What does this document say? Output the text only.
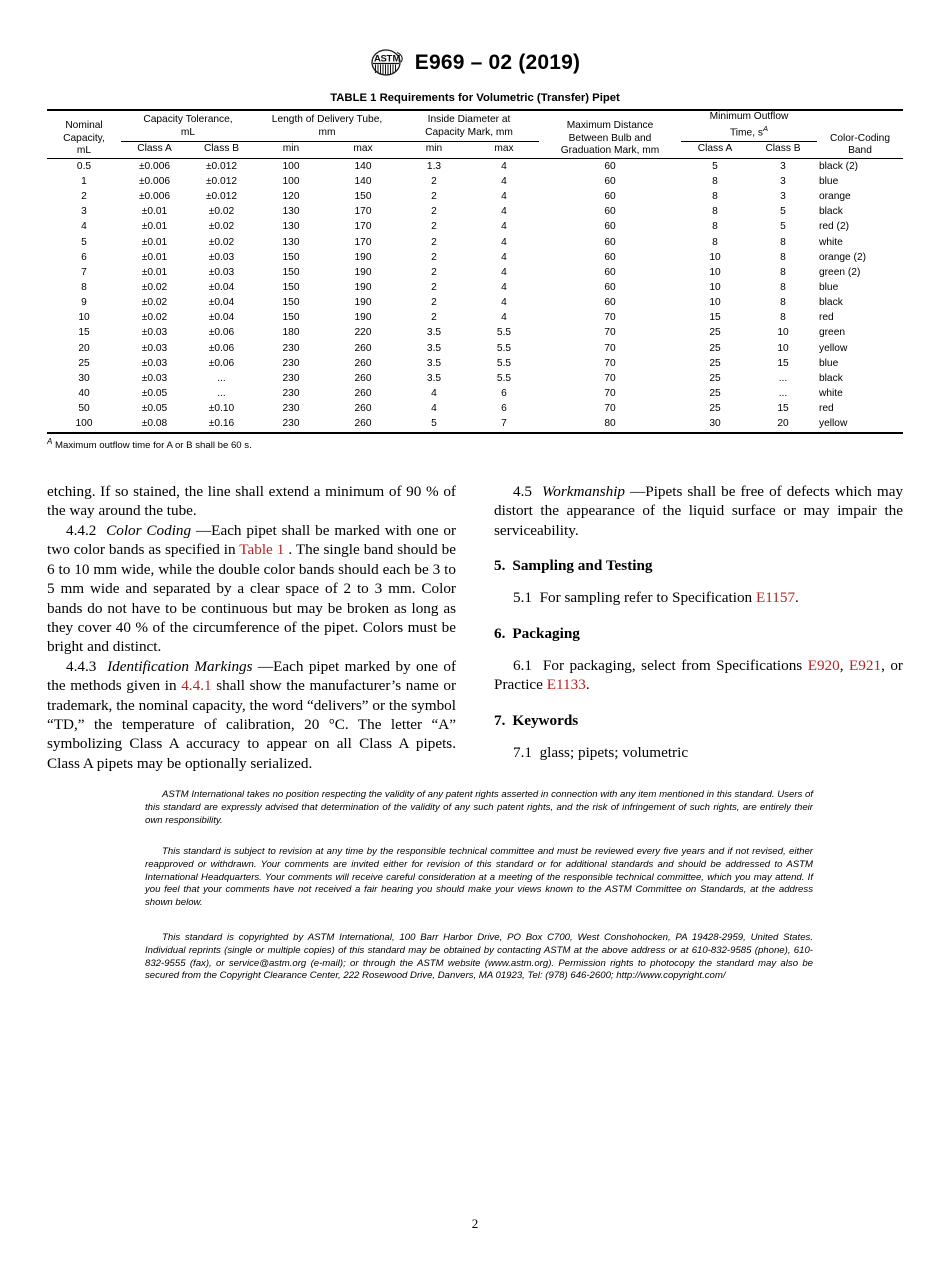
A S T M E969 – 02 (2019)
TABLE 1 Requirements for Volumetric (Transfer) Pipet
Nominal
Capacity,
mL

Capacity Tolerance,
mL

Length of Delivery Tube,
mm

Inside Diameter at
Capacity Mark, mm

Maximum Distance
Between Bulb and
Graduation Mark, mm

Minimum Outflow
Time, $s^A$

Color-Coding
Band

	Class A	Class B	min	max	min	max		Class A	Class B	
0.5	±0.006	±0.012	100	140	1.3	4	60	5	3	black (2)
1	±0.006	±0.012	100	140	2	4	60	8	3	blue
2	±0.006	±0.012	120	150	2	4	60	8	3	orange
3	±0.01	±0.02	130	170	2	4	60	8	5	black
4	±0.01	±0.02	130	170	2	4	60	8	5	red (2)
5	±0.01	±0.02	130	170	2	4	60	8	8	white
6	±0.01	±0.03	150	190	2	4	60	10	8	orange (2)
7	±0.01	±0.03	150	190	2	4	60	10	8	green (2)
8	±0.02	±0.04	150	190	2	4	60	10	8	blue
9	±0.02	±0.04	150	190	2	4	60	10	8	black
10	±0.02	±0.04	150	190	2	4	70	15	8	red
15	±0.03	±0.06	180	220	3.5	5.5	70	25	10	green
20	±0.03	±0.06	230	260	3.5	5.5	70	25	10	yellow
25	±0.03	±0.06	230	260	3.5	5.5	70	25	15	blue
30	±0.03	...	230	260	3.5	5.5	70	25	...	black
40	±0.05	...	230	260	4	6	70	25	...	white
50	±0.05	±0.10	230	260	4	6	70	25	15	red
100	±0.08	±0.16	230	260	5	7	80	30	20	yellow
$^A$ Maximum outflow time for A or B shall be 60 s.

etching. If so stained, the line shall extend a minimum of 90 % of the way around the tube.

4.4.2 Color Coding —Each pipet shall be marked with one or two color bands as specified in Table 1 . The single band should be 6 to 10 mm wide, while the double color bands should each be 3 to 5 mm wide and separated by a clear space of 2 to 3 mm. Color bands do not have to be continuous but may be broken as long as they cover 40 % of the circumference of the pipet. Colors must be bright and distinct.

4.4.3 Identification Markings —Each pipet marked by one of the methods given in 4.4.1 shall show the manufacturer’s name or trademark, the nominal capacity, the word “delivers” or the symbol “TD,” the temperature of calibration, 20 °C. The letter “A” symbolizing Class A accuracy to appear on all Class A pipets. Class A pipets may be optionally serialized.

4.5 Workmanship —Pipets shall be free of defects which may distort the appearance of the liquid surface or may impair the serviceability.

5. Sampling and Testing

5.1 For sampling refer to Specification E1157.

6. Packaging

6.1 For packaging, select from Specifications E920, E921, or Practice E1133.

7. Keywords

7.1 glass; pipets; volumetric

ASTM International takes no position respecting the validity of any patent rights asserted in connection with any item mentioned in this standard. Users of this standard are expressly advised that determination of the validity of any such patent rights, and the risk of infringement of such rights, are entirely their own responsibility.

This standard is subject to revision at any time by the responsible technical committee and must be reviewed every five years and if not revised, either reapproved or withdrawn. Your comments are invited either for revision of this standard or for additional standards and should be addressed to ASTM International Headquarters. Your comments will receive careful consideration at a meeting of the responsible technical committee, which you may attend. If you feel that your comments have not received a fair hearing you should make your views known to the ASTM Committee on Standards, at the address shown below.

This standard is copyrighted by ASTM International, 100 Barr Harbor Drive, PO Box C700, West Conshohocken, PA 19428-2959, United States. Individual reprints (single or multiple copies) of this standard may be obtained by contacting ASTM at the above address or at 610-832-9585 (phone), 610-832-9555 (fax), or service@astm.org (e-mail); or through the ASTM website (www.astm.org). Permission rights to photocopy the standard may also be secured from the Copyright Clearance Center, 222 Rosewood Drive, Danvers, MA 01923, Tel: (978) 646-2600; http://www.copyright.com/

2
